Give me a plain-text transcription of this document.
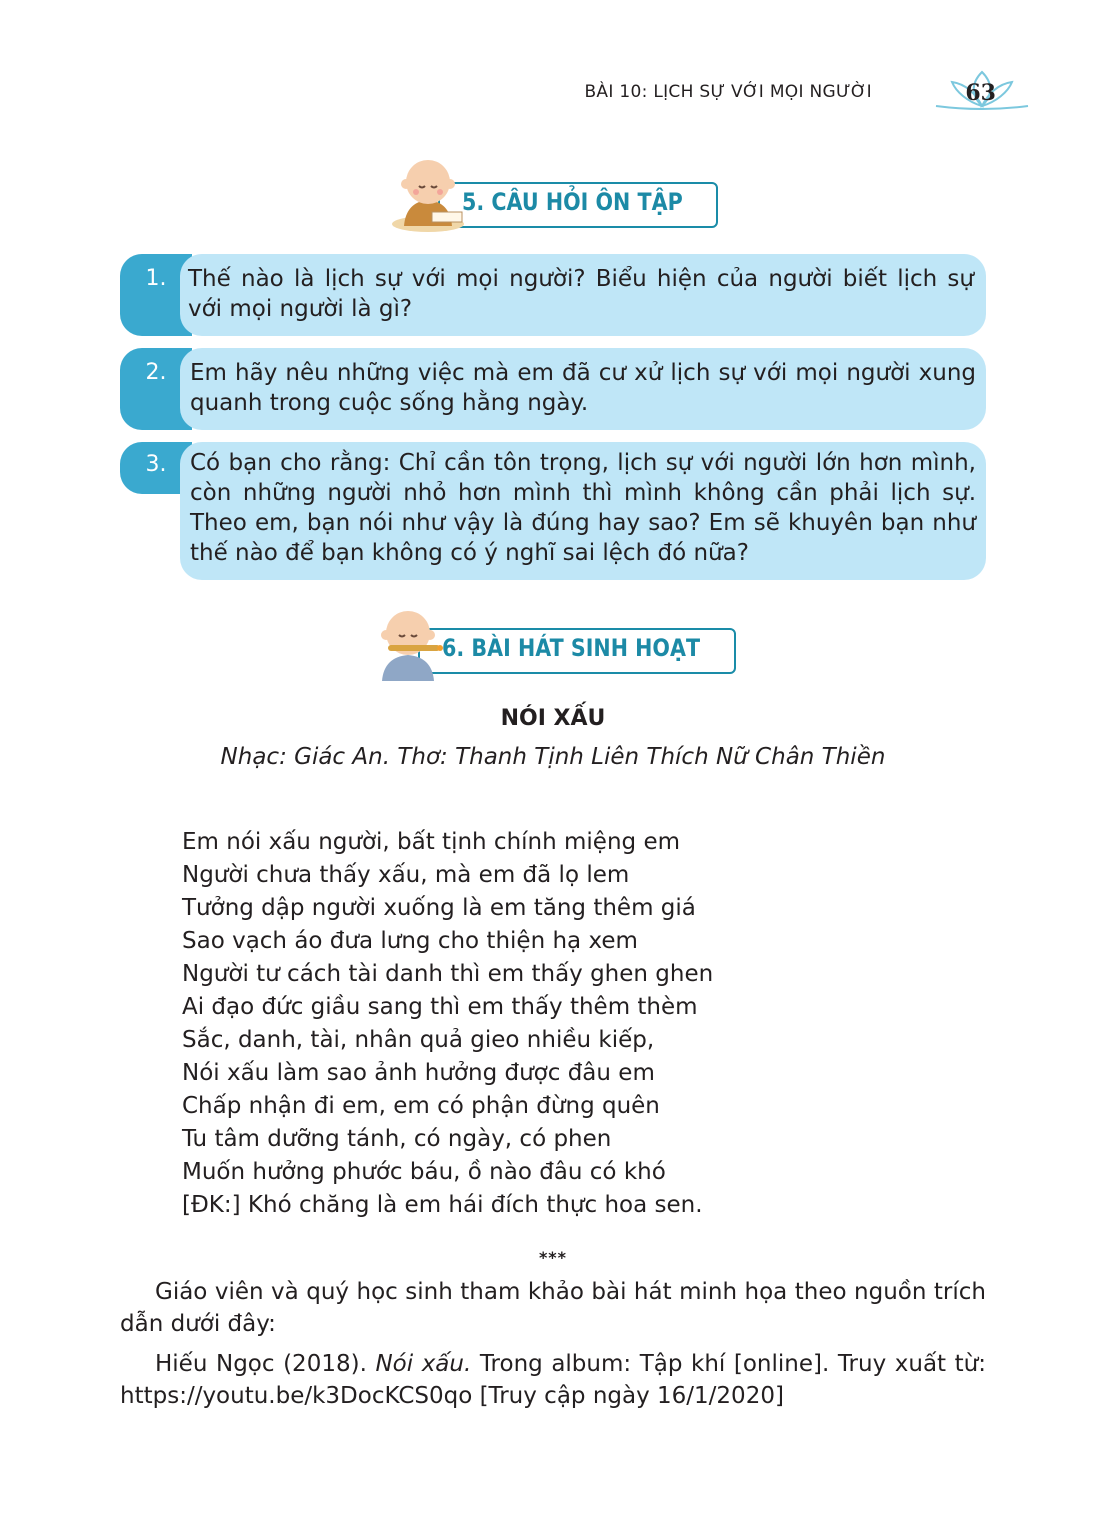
BÀI 10: LỊCH SỰ VỚI MỌI NGƯỜI	63
5. CÂU HỎI ÔN TẬP
1. Thế nào là lịch sự với mọi người? Biểu hiện của người biết lịch sự với mọi người là gì?
2.	Em hãy nêu những việc mà em đã cư xử lịch sự với mọi người xung quanh trong cuộc sống hằng ngày.
3.	Có bạn cho rằng: Chỉ cần tôn trọng, lịch sự với người lớn hơn mình, còn những người nhỏ hơn mình thì mình không cần phải lịch sự. Theo em, bạn nói như vậy là đúng hay sao? Em sẽ khuyên bạn như thế nào để bạn không có ý nghĩ sai lệch đó nữa?
6. BÀI HÁT SINH HOẠT
NÓI XẤU
Nhạc: Giác An. Thơ: Thanh Tịnh Liên Thích Nữ Chân Thiền
Em nói xấu người, bất tịnh chính miệng em
Người chưa thấy xấu, mà em đã lọ lem
Tưởng dập người xuống là em tăng thêm giá
Sao vạch áo đưa lưng cho thiện hạ xem
Người tư cách tài danh thì em thấy ghen ghen
Ai đạo đức giầu sang thì em thấy thêm thèm
Sắc, danh, tài, nhân quả gieo nhiều kiếp,
Nói xấu làm sao ảnh hưởng được đâu em
Chấp nhận đi em, em có phận đừng quên
Tu tâm dưỡng tánh, có ngày, có phen
Muốn hưởng phước báu, ồ nào đâu có khó
[ĐK:] Khó chăng là em hái đích thực hoa sen.
***

Giáo viên và quý học sinh tham khảo bài hát minh họa theo nguồn trích dẫn dưới đây:

Hiếu Ngọc (2018). Nói xấu. Trong album: Tập khí [online]. Truy xuất từ: https://youtu.be/k3DocKCS0qo [Truy cập ngày 16/1/2020]
